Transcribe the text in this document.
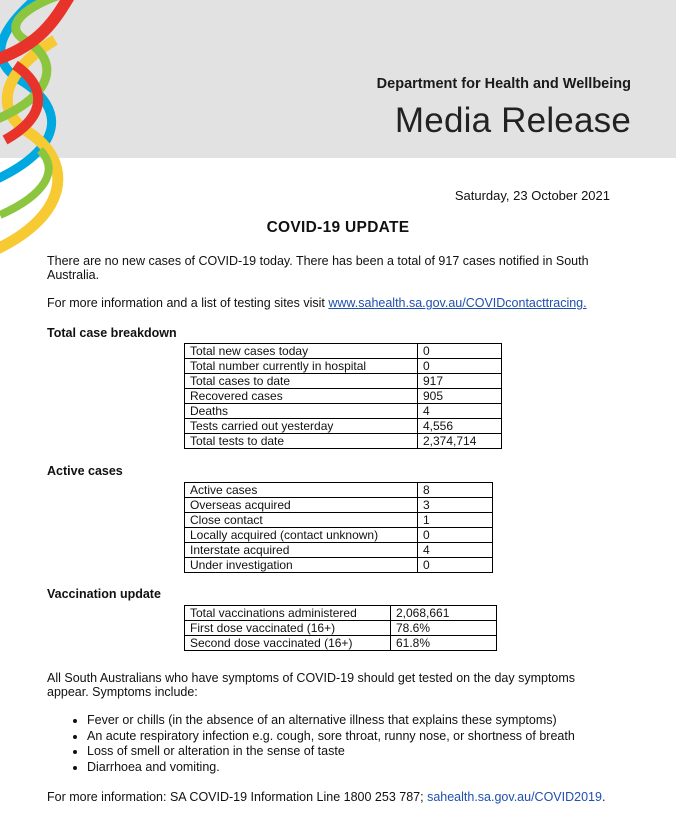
Department for Health and Wellbeing
Media Release
Saturday, 23 October 2021
COVID-19 UPDATE
There are no new cases of COVID-19 today. There has been a total of 917 cases notified in South Australia.
For more information and a list of testing sites visit www.sahealth.sa.gov.au/COVIDcontacttracing.
Total case breakdown
Total new cases today	0
Total number currently in hospital	0
Total cases to date	917
Recovered cases	905
Deaths	4
Tests carried out yesterday	4,556
Total tests to date	2,374,714
Active cases
Active cases	8
Overseas acquired	3
Close contact	1
Locally acquired (contact unknown)	0
Interstate acquired	4
Under investigation	0
Vaccination update
Total vaccinations administered	2,068,661
First dose vaccinated (16+)	78.6%
Second dose vaccinated (16+)	61.8%
All South Australians who have symptoms of COVID-19 should get tested on the day symptoms appear. Symptoms include:
• Fever or chills (in the absence of an alternative illness that explains these symptoms)
• An acute respiratory infection e.g. cough, sore throat, runny nose, or shortness of breath
• Loss of smell or alteration in the sense of taste
• Diarrhoea and vomiting.
For more information: SA COVID-19 Information Line 1800 253 787; sahealth.sa.gov.au/COVID2019.
